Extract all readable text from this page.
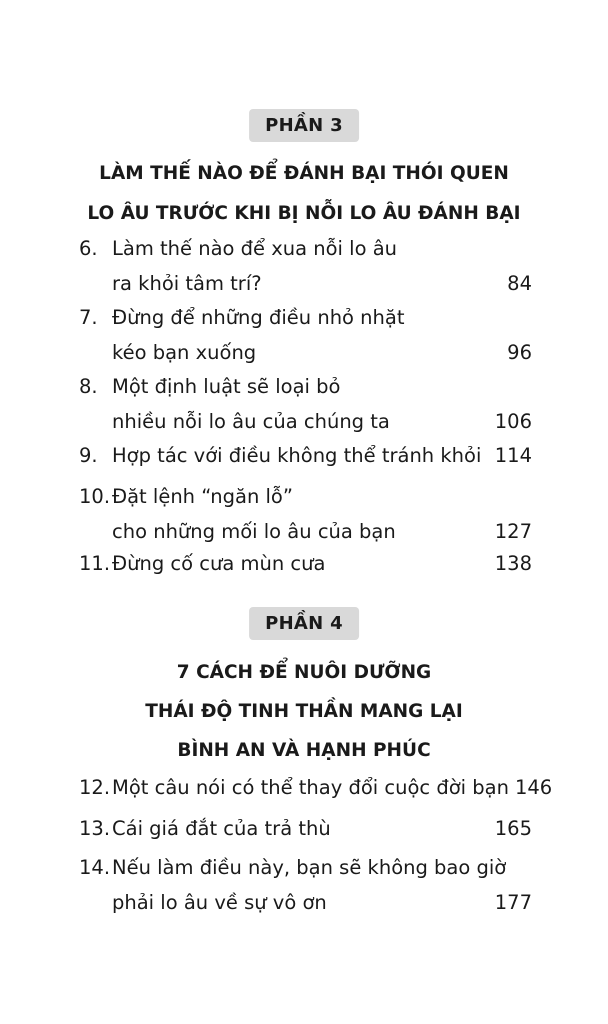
PHẦN 3
LÀM THẾ NÀO ĐỂ ĐÁNH BẠI THÓI QUEN
LO ÂU TRƯỚC KHI BỊ NỖI LO ÂU ĐÁNH BẠI
6. Làm thế nào để xua nỗi lo âu
ra khỏi tâm trí?	84
7. Đừng để những điều nhỏ nhặt
kéo bạn xuống	96
8. Một định luật sẽ loại bỏ
nhiều nỗi lo âu của chúng ta	106
9. Hợp tác với điều không thể tránh khỏi 114
10. Đặt lệnh “ngăn lỗ”
cho những mối lo âu của bạn	127
11. Đừng cố cưa mùn cưa	138
PHẦN 4
7 CÁCH ĐỂ NUÔI DƯỠNG
THÁI ĐỘ TINH THẦN MANG LẠI
BÌNH AN VÀ HẠNH PHÚC
12. Một câu nói có thể thay đổi cuộc đời bạn 146
13. Cái giá đắt của trả thù	165
14. Nếu làm điều này, bạn sẽ không bao giờ
phải lo âu về sự vô ơn	177
